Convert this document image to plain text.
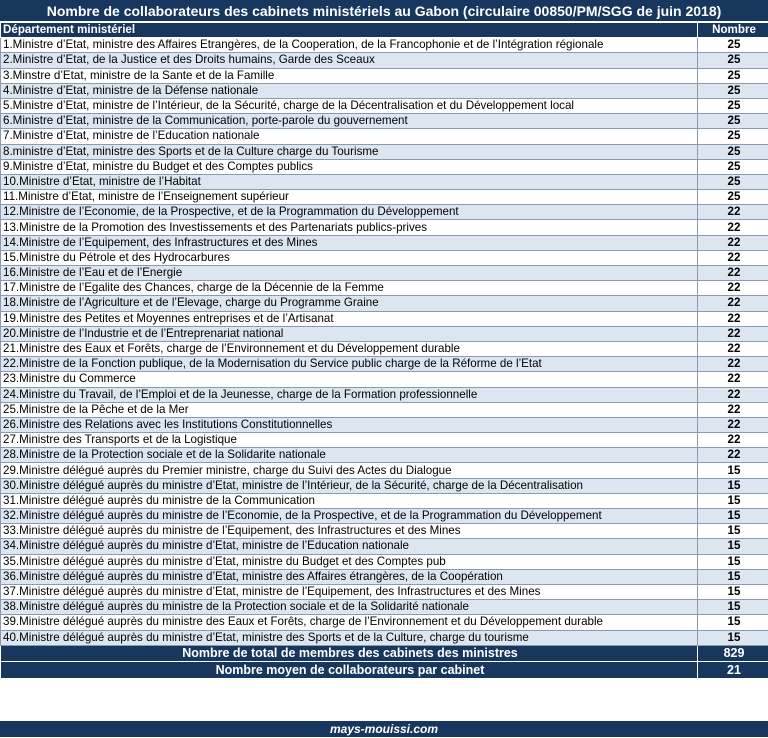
Nombre de collaborateurs des cabinets ministériels au Gabon (circulaire 00850/PM/SGG de juin 2018)
Département ministériel	Nombre
1.Ministre d’Etat, ministre des Affaires Etrangères, de la Cooperation, de la Francophonie et de l’Intégration régionale	25
2.Ministre d’Etat, de la Justice et des Droits humains, Garde des Sceaux	25
3.Minstre d’Etat, ministre de la Sante et de la Famille	25
4.Ministre d’Etat, ministre de la Défense nationale	25
5.Ministre d’Etat, ministre de l’Intérieur, de la Sécurité, charge de la Décentralisation et du Développement local	25
6.Ministre d’Etat, ministre de la Communication, porte-parole du gouvernement	25
7.Ministre d’Etat, ministre de l’Education nationale	25
8.ministre d’Etat, ministre des Sports et de la Culture charge du Tourisme	25
9.Ministre d’Etat, ministre du Budget et des Comptes publics	25
10.Ministre d’Etat, ministre de l’Habitat	25
11.Ministre d’Etat, ministre de l’Enseignement supérieur	25
12.Ministre de l’Economie, de la Prospective, et de la Programmation du Développement	22
13.Ministre de la Promotion des Investissements et des Partenariats publics-prives	22
14.Ministre de l’Equipement, des Infrastructures et des Mines	22
15.Ministre du Pétrole et des Hydrocarbures	22
16.Ministre de l’Eau et de l’Energie	22
17.Ministre de l’Egalite des Chances, charge de la Décennie de la Femme	22
18.Ministre de l’Agriculture et de l’Elevage, charge du Programme Graine	22
19.Ministre des Petites et Moyennes entreprises et de l’Artisanat	22
20.Ministre de l’Industrie et de l’Entreprenariat national	22
21.Ministre des Eaux et Forêts, charge de l’Environnement et du Développement durable	22
22.Ministre de la Fonction publique, de la Modernisation du Service public charge de la Réforme de l’Etat	22
23.Ministre du Commerce	22
24.Ministre du Travail, de l’Emploi et de la Jeunesse, charge de la Formation professionnelle	22
25.Ministre de la Pêche et de la Mer	22
26.Ministre des Relations avec les Institutions Constitutionnelles	22
27.Ministre des Transports et de la Logistique	22
28.Ministre de la Protection sociale et de la Solidarite nationale	22
29.Ministre délégué auprès du Premier ministre, charge du Suivi des Actes du Dialogue	15
30.Ministre délégué auprès du ministre d’Etat, ministre de l’Intérieur, de la Sécurité, charge de la Décentralisation	15
31.Ministre délégué auprès du ministre de la Communication	15
32.Ministre délégué auprès du ministre de l’Economie, de la Prospective, et de la Programmation du Développement	15
33.Ministre délégué auprès du ministre de l’Equipement, des Infrastructures et des Mines	15
34.Ministre délégué auprès du ministre d’Etat, ministre de l’Education nationale	15
35.Ministre délégué auprès du ministre d’Etat, ministre du Budget et des Comptes pub	15
36.Ministre délégué auprès du ministre d’Etat, ministre des Affaires étrangères, de la Coopération	15
37.Ministre délégué auprès du ministre d’Etat, ministre de l’Equipement, des Infrastructures et des Mines	15
38.Ministre délégué auprès du ministre de la Protection sociale et de la Solidarité nationale	15
39.Ministre délégué auprès du ministre des Eaux et Forêts, charge de l’Environnement et du Développement durable	15
40.Ministre délégué auprès du ministre d’Etat, ministre des Sports et de la Culture, charge du tourisme	15
Nombre de total de membres des cabinets des ministres	829
Nombre moyen de collaborateurs par cabinet	21
mays-mouissi.com
